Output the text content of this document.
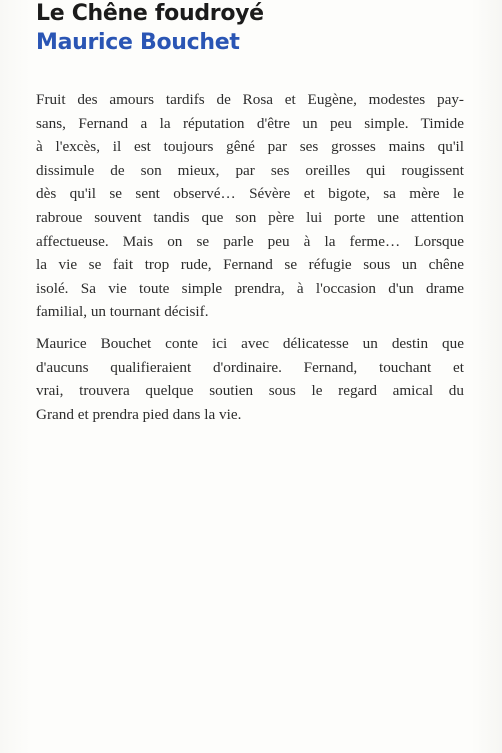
Le Chêne foudroyé
Maurice Bouchet

Fruit des amours tardifs de Rosa et Eugène, modestes pay-
sans, Fernand a la réputation d'être un peu simple. Timide
à l'excès, il est toujours gêné par ses grosses mains qu'il
dissimule de son mieux, par ses oreilles qui rougissent
dès qu'il se sent observé… Sévère et bigote, sa mère le
rabroue souvent tandis que son père lui porte une attention
affectueuse. Mais on se parle peu à la ferme… Lorsque
la vie se fait trop rude, Fernand se réfugie sous un chêne
isolé. Sa vie toute simple prendra, à l'occasion d'un drame
familial, un tournant décisif.

Maurice Bouchet conte ici avec délicatesse un destin que
d'aucuns qualifieraient d'ordinaire. Fernand, touchant et
vrai, trouvera quelque soutien sous le regard amical du
Grand et prendra pied dans la vie.
